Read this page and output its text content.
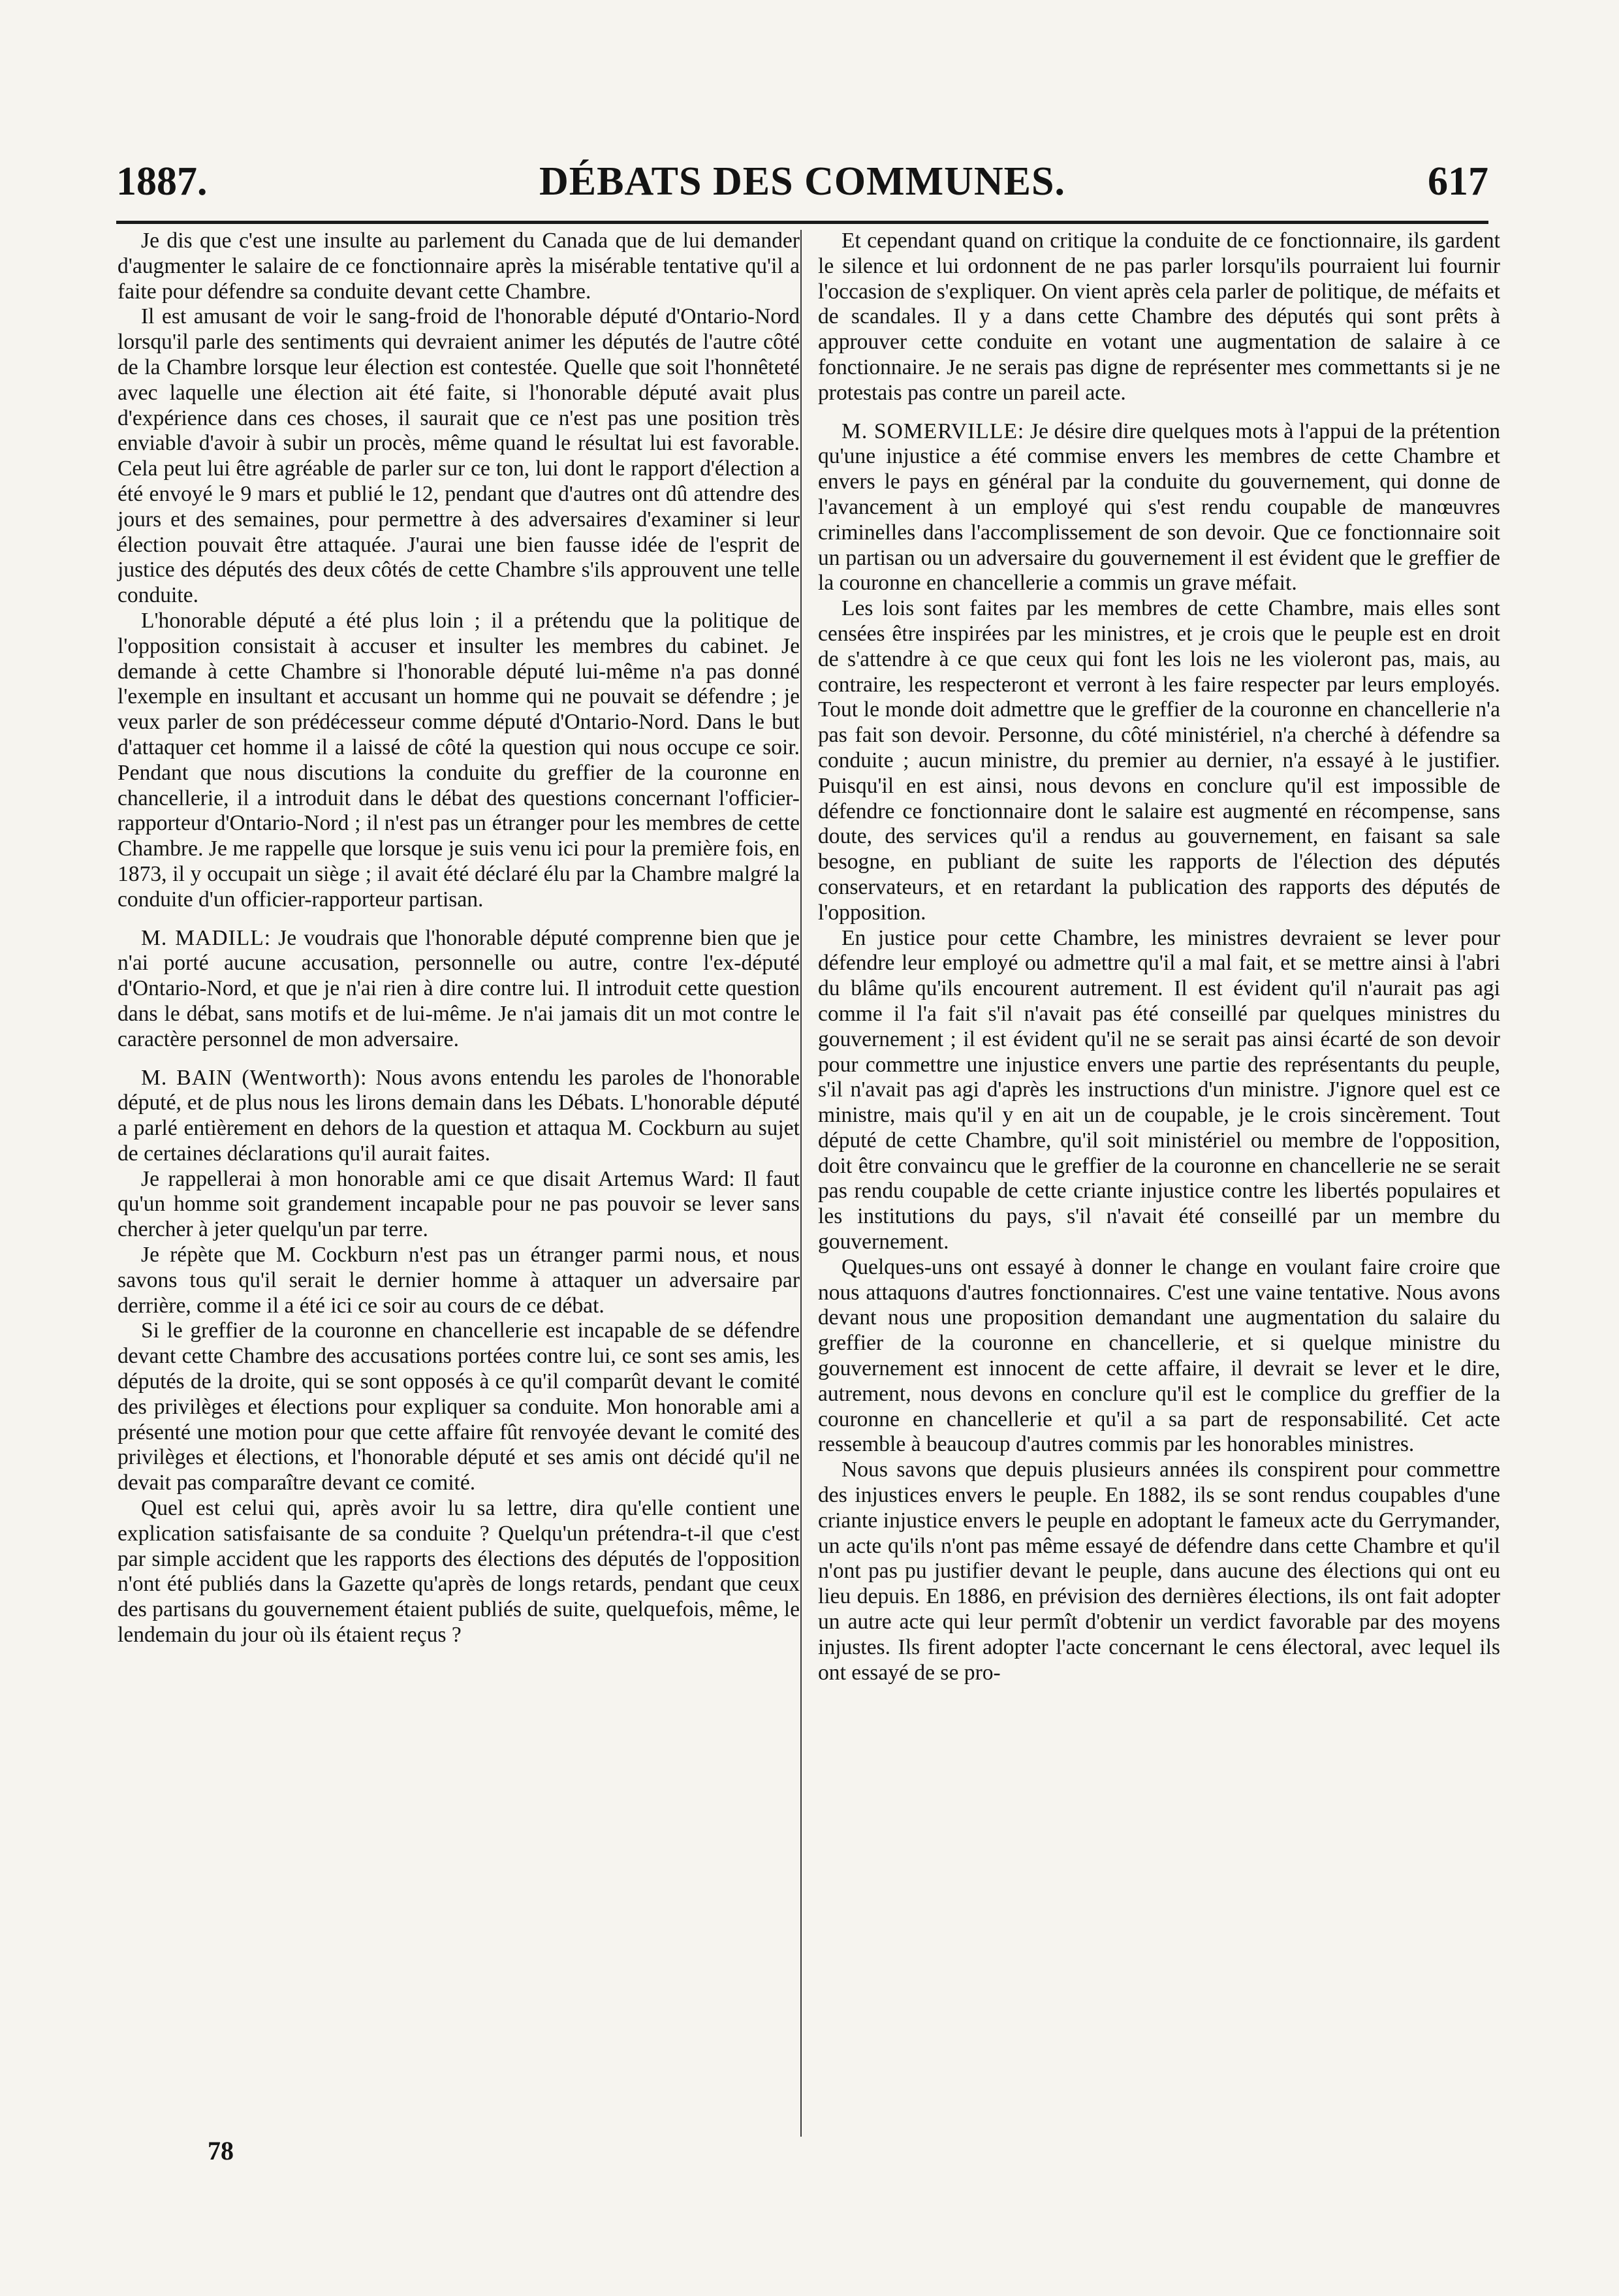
DÉBATS DES COMMUNES.
1887.	617

Je dis que c'est une insulte au parlement du Canada que de lui demander d'augmenter le salaire de ce fonctionnaire après la misérable tentative qu'il a faite pour défendre sa conduite devant cette Chambre.

Il est amusant de voir le sang-froid de l'honorable député d'Ontario-Nord lorsqu'il parle des sentiments qui devraient animer les députés de l'autre côté de la Chambre lorsque leur élection est contestée. Quelle que soit l'honnêteté avec laquelle une élection ait été faite, si l'honorable député avait plus d'expérience dans ces choses, il saurait que ce n'est pas une position très enviable d'avoir à subir un procès, même quand le résultat lui est favorable. Cela peut lui être agréable de parler sur ce ton, lui dont le rapport d'élection a été envoyé le 9 mars et publié le 12, pendant que d'autres ont dû attendre des jours et des semaines, pour permettre à des adversaires d'examiner si leur élection pouvait être attaquée. J'aurai une bien fausse idée de l'esprit de justice des députés des deux côtés de cette Chambre s'ils approuvent une telle conduite.

L'honorable député a été plus loin ; il a prétendu que la politique de l'opposition consistait à accuser et insulter les membres du cabinet. Je demande à cette Chambre si l'honorable député lui-même n'a pas donné l'exemple en insultant et accusant un homme qui ne pouvait se défendre ; je veux parler de son prédécesseur comme député d'Ontario-Nord. Dans le but d'attaquer cet homme il a laissé de côté la question qui nous occupe ce soir. Pendant que nous discutions la conduite du greffier de la couronne en chancellerie, il a introduit dans le débat des questions concernant l'officier-rapporteur d'Ontario-Nord ; il n'est pas un étranger pour les membres de cette Chambre. Je me rappelle que lorsque je suis venu ici pour la première fois, en 1873, il y occupait un siège ; il avait été déclaré élu par la Chambre malgré la conduite d'un officier-rapporteur partisan.

M. MADILL: Je voudrais que l'honorable député comprenne bien que je n'ai porté aucune accusation, personnelle ou autre, contre l'ex-député d'Ontario-Nord, et que je n'ai rien à dire contre lui. Il introduit cette question dans le débat, sans motifs et de lui-même. Je n'ai jamais dit un mot contre le caractère personnel de mon adversaire.

M. BAIN (Wentworth): Nous avons entendu les paroles de l'honorable député, et de plus nous les lirons demain dans les Débats. L'honorable député a parlé entièrement en dehors de la question et attaqua M. Cockburn au sujet de certaines déclarations qu'il aurait faites.

Je rappellerai à mon honorable ami ce que disait Artemus Ward: Il faut qu'un homme soit grandement incapable pour ne pas pouvoir se lever sans chercher à jeter quelqu'un par terre.

Je répète que M. Cockburn n'est pas un étranger parmi nous, et nous savons tous qu'il serait le dernier homme à attaquer un adversaire par derrière, comme il a été ici ce soir au cours de ce débat.

Si le greffier de la couronne en chancellerie est incapable de se défendre devant cette Chambre des accusations portées contre lui, ce sont ses amis, les députés de la droite, qui se sont opposés à ce qu'il comparût devant le comité des privilèges et élections pour expliquer sa conduite. Mon honorable ami a présenté une motion pour que cette affaire fût renvoyée devant le comité des privilèges et élections, et l'honorable député et ses amis ont décidé qu'il ne devait pas comparaître devant ce comité.

Quel est celui qui, après avoir lu sa lettre, dira qu'elle contient une explication satisfaisante de sa conduite ? Quelqu'un prétendra-t-il que c'est par simple accident que les rapports des élections des députés de l'opposition n'ont été publiés dans la Gazette qu'après de longs retards, pendant que ceux des partisans du gouvernement étaient publiés de suite, quelquefois, même, le lendemain du jour où ils étaient reçus ?

Et cependant quand on critique la conduite de ce fonctionnaire, ils gardent le silence et lui ordonnent de ne pas parler lorsqu'ils pourraient lui fournir l'occasion de s'expliquer. On vient après cela parler de politique, de méfaits et de scandales. Il y a dans cette Chambre des députés qui sont prêts à approuver cette conduite en votant une augmentation de salaire à ce fonctionnaire. Je ne serais pas digne de représenter mes commettants si je ne protestais pas contre un pareil acte.

M. SOMERVILLE: Je désire dire quelques mots à l'appui de la prétention qu'une injustice a été commise envers les membres de cette Chambre et envers le pays en général par la conduite du gouvernement, qui donne de l'avancement à un employé qui s'est rendu coupable de manœuvres criminelles dans l'accomplissement de son devoir. Que ce fonctionnaire soit un partisan ou un adversaire du gouvernement il est évident que le greffier de la couronne en chancellerie a commis un grave méfait.

Les lois sont faites par les membres de cette Chambre, mais elles sont censées être inspirées par les ministres, et je crois que le peuple est en droit de s'attendre à ce que ceux qui font les lois ne les violeront pas, mais, au contraire, les respecteront et verront à les faire respecter par leurs employés. Tout le monde doit admettre que le greffier de la couronne en chancellerie n'a pas fait son devoir. Personne, du côté ministériel, n'a cherché à défendre sa conduite ; aucun ministre, du premier au dernier, n'a essayé à le justifier. Puisqu'il en est ainsi, nous devons en conclure qu'il est impossible de défendre ce fonctionnaire dont le salaire est augmenté en récompense, sans doute, des services qu'il a rendus au gouvernement, en faisant sa sale besogne, en publiant de suite les rapports de l'élection des députés conservateurs, et en retardant la publication des rapports des députés de l'opposition.

En justice pour cette Chambre, les ministres devraient se lever pour défendre leur employé ou admettre qu'il a mal fait, et se mettre ainsi à l'abri du blâme qu'ils encourent autrement. Il est évident qu'il n'aurait pas agi comme il l'a fait s'il n'avait pas été conseillé par quelques ministres du gouvernement ; il est évident qu'il ne se serait pas ainsi écarté de son devoir pour commettre une injustice envers une partie des représentants du peuple, s'il n'avait pas agi d'après les instructions d'un ministre. J'ignore quel est ce ministre, mais qu'il y en ait un de coupable, je le crois sincèrement. Tout député de cette Chambre, qu'il soit ministériel ou membre de l'opposition, doit être convaincu que le greffier de la couronne en chancellerie ne se serait pas rendu coupable de cette criante injustice contre les libertés populaires et les institutions du pays, s'il n'avait été conseillé par un membre du gouvernement.

Quelques-uns ont essayé à donner le change en voulant faire croire que nous attaquons d'autres fonctionnaires. C'est une vaine tentative. Nous avons devant nous une proposition demandant une augmentation du salaire du greffier de la couronne en chancellerie, et si quelque ministre du gouvernement est innocent de cette affaire, il devrait se lever et le dire, autrement, nous devons en conclure qu'il est le complice du greffier de la couronne en chancellerie et qu'il a sa part de responsabilité. Cet acte ressemble à beaucoup d'autres commis par les honorables ministres.

Nous savons que depuis plusieurs années ils conspirent pour commettre des injustices envers le peuple. En 1882, ils se sont rendus coupables d'une criante injustice envers le peuple en adoptant le fameux acte du Gerrymander, un acte qu'ils n'ont pas même essayé de défendre dans cette Chambre et qu'il n'ont pas pu justifier devant le peuple, dans aucune des élections qui ont eu lieu depuis. En 1886, en prévision des dernières élections, ils ont fait adopter un autre acte qui leur permît d'obtenir un verdict favorable par des moyens injustes. Ils firent adopter l'acte concernant le cens électoral, avec lequel ils ont essayé de se pro-

78
